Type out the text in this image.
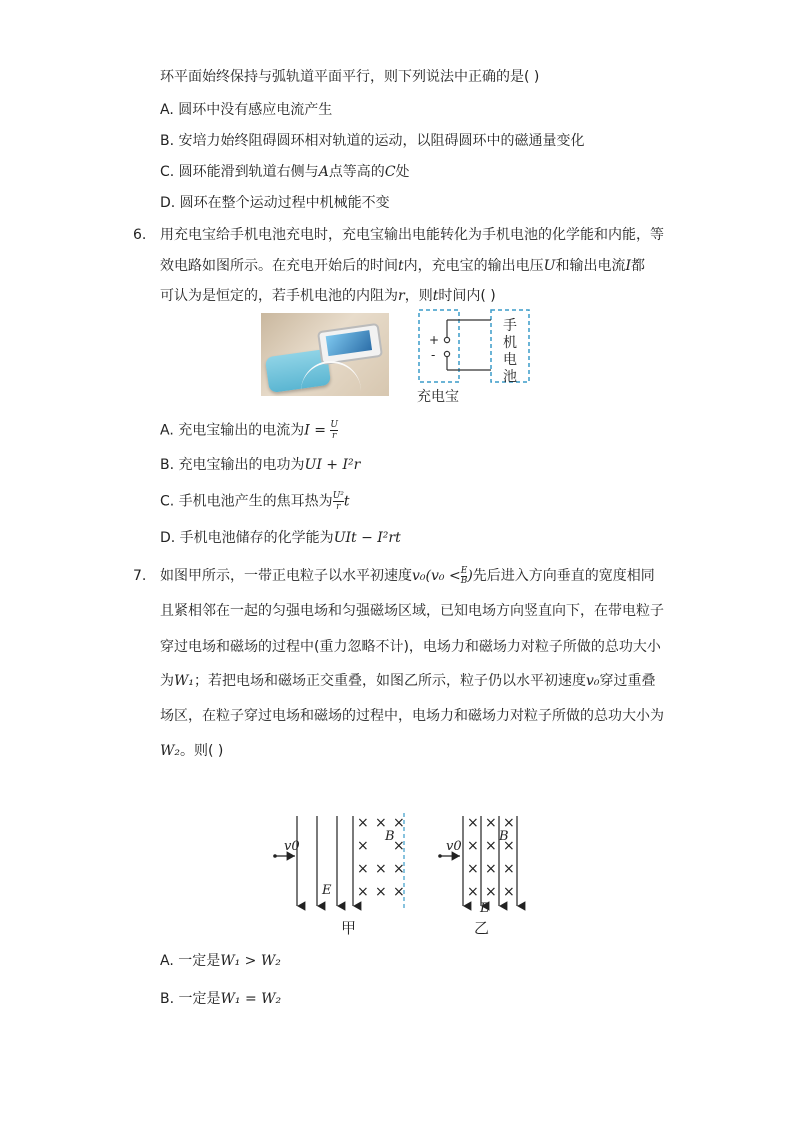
环平面始终保持与弧轨道平面平行，则下列说法中正确的是( )
A. 圆环中没有感应电流产生
B. 安培力始终阻碍圆环相对轨道的运动，以阻碍圆环中的磁通量变化
C. 圆环能滑到轨道右侧与A点等高的C处
D. 圆环在整个运动过程中机械能不变
6. 用充电宝给手机电池充电时，充电宝输出电能转化为手机电池的化学能和内能，等
效电路如图所示。在充电开始后的时间t内，充电宝的输出电压U和输出电流I都
可认为是恒定的，若手机电池的内阻为r，则t时间内( )
+
-
手
机
电
池
充电宝
A. 充电宝输出的电流为$I = \frac{U}{r}$
B. 充电宝输出的电功为UI + I²r
C. 手机电池产生的焦耳热为 $\frac{\text{U²}}{r}$ t
D. 手机电池储存的化学能为UIt − I²rt
7. 如图甲所示，一带正电粒子以水平初速度$v_0(v_0 < \frac{E}{B}$ )先后进入方向垂直的宽度相同
且紧相邻在一起的匀强电场和匀强磁场区域，已知电场方向竖直向下，在带电粒子
穿过电场和磁场的过程中(重力忽略不计)，电场力和磁场力对粒子所做的总功大小
为W₁；若把电场和磁场正交重叠，如图乙所示，粒子仍以水平初速度v₀穿过重叠
场区，在粒子穿过电场和磁场的过程中，电场力和磁场力对粒子所做的总功大小为
W₂。则( )
v0
E
B
× × ×
× ×
× × ×
× × ×
甲
v0
E
B
× × ×
× × ×
× × ×
× × ×
乙
A. 一定是W₁ > W₂
B. 一定是W₁ = W₂
